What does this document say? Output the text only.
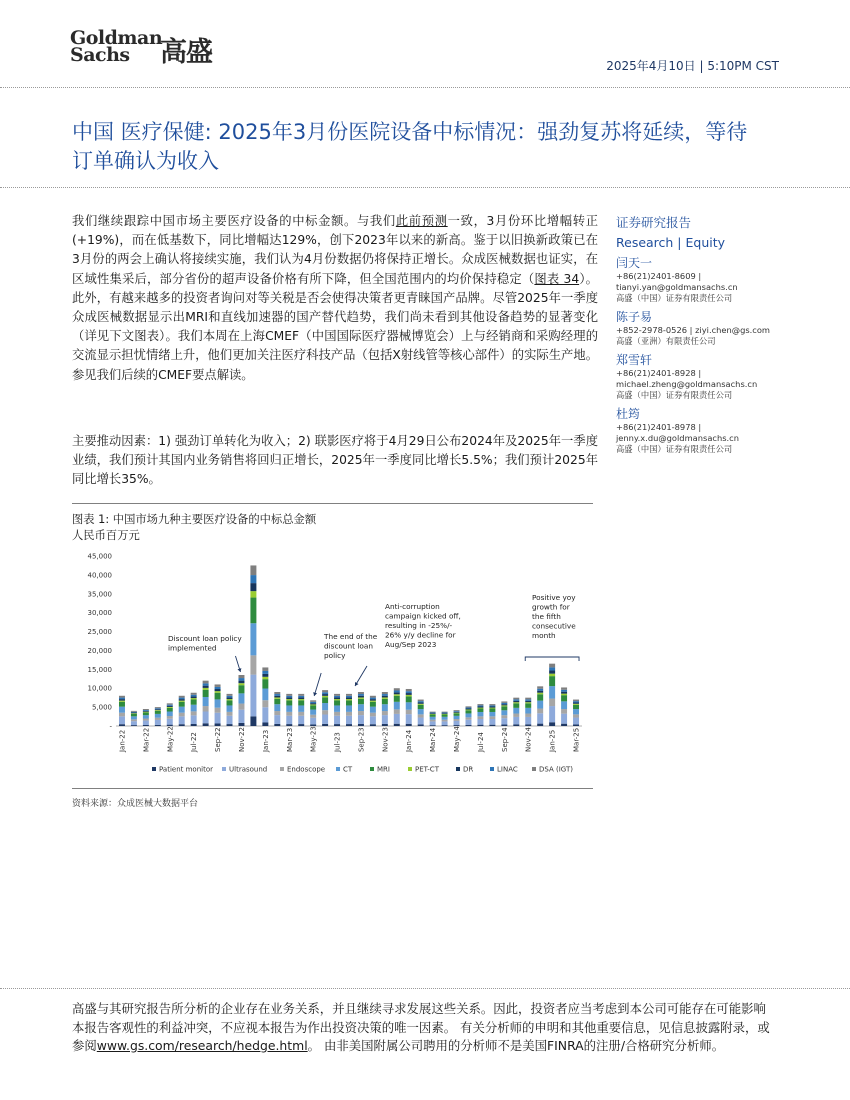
Goldman
Sachs	高盛	2025年4月10日 | 5:10PM CST
中国 医疗保健: 2025年3月份医院设备中标情况：强劲复苏将延续，等待订单确认为收入
我们继续跟踪中国市场主要医疗设备的中标金额。与我们此前预测一致，3月份环比增幅转正(+19%)，而在低基数下，同比增幅达129%，创下2023年以来的新高。鉴于以旧换新政策已在3月份的两会上确认将接续实施，我们认为4月份数据仍将保持正增长。众成医械数据也证实，在区域性集采后，部分省份的超声设备价格有所下降，但全国范围内的均价保持稳定（图表 34）。此外，有越来越多的投资者询问对等关税是否会使得决策者更青睐国产品牌。尽管2025年一季度众成医械数据显示出MRI和直线加速器的国产替代趋势，我们尚未看到其他设备趋势的显著变化（详见下文图表）。我们本周在上海CMEF（中国国际医疗器械博览会）上与经销商和采购经理的交流显示担忧情绪上升，他们更加关注医疗科技产品（包括X射线管等核心部件）的实际生产地。参见我们后续的CMEF要点解读。
主要推动因素：1) 强劲订单转化为收入；2) 联影医疗将于4月29日公布2024年及2025年一季度业绩，我们预计其国内业务销售将回归正增长，2025年一季度同比增长5.5%；我们预计2025年同比增长35%。
证券研究报告
Research | Equity
闫天一
+86(21)2401-8609 |
tianyi.yan@goldmansachs.cn
高盛（中国）证券有限责任公司
陈子易
+852-2978-0526 | ziyi.chen@gs.com
高盛（亚洲）有限责任公司
郑雪轩
+86(21)2401-8928 |
michael.zheng@goldmansachs.cn
高盛（中国）证券有限责任公司
杜筠
+86(21)2401-8978 |
jenny.x.du@goldmansachs.cn
高盛（中国）证券有限责任公司
图表 1: 中国市场九种主要医疗设备的中标总金额
人民币百万元
45,000
40,000
35,000
30,000
25,000
20,000
15,000
10,000
5,000
-
Jan-22 Mar-22 May-22 Jul-22 Sep-22 Nov-22 Jan-23 Mar-23 May-23 Jul-23 Sep-23 Nov-23 Jan-24 Mar-24 May-24 Jul-24 Sep-24 Nov-24 Jan-25 Mar-25
Discount loan policy
implemented
The end of the
discount loan
policy
Anti-corruption
campaign kicked off,
resulting in -25%/-
26% y/y decline for
Aug/Sep 2023
Positive yoy
growth for
the fifth
consecutive
month
Patient monitor Ultrasound	Endoscope	CT	MRI	PET-CT	DR	LINAC	DSA (IGT)
资料来源：众成医械大数据平台
高盛与其研究报告所分析的企业存在业务关系，并且继续寻求发展这些关系。因此，投资者应当考虑到本公司可能存在可能影响本报告客观性的利益冲突，不应视本报告为作出投资决策的唯一因素。 有关分析师的申明和其他重要信息，见信息披露附录，或参阅www.gs.com/research/hedge.html。 由非美国附属公司聘用的分析师不是美国FINRA的注册/合格研究分析师。
